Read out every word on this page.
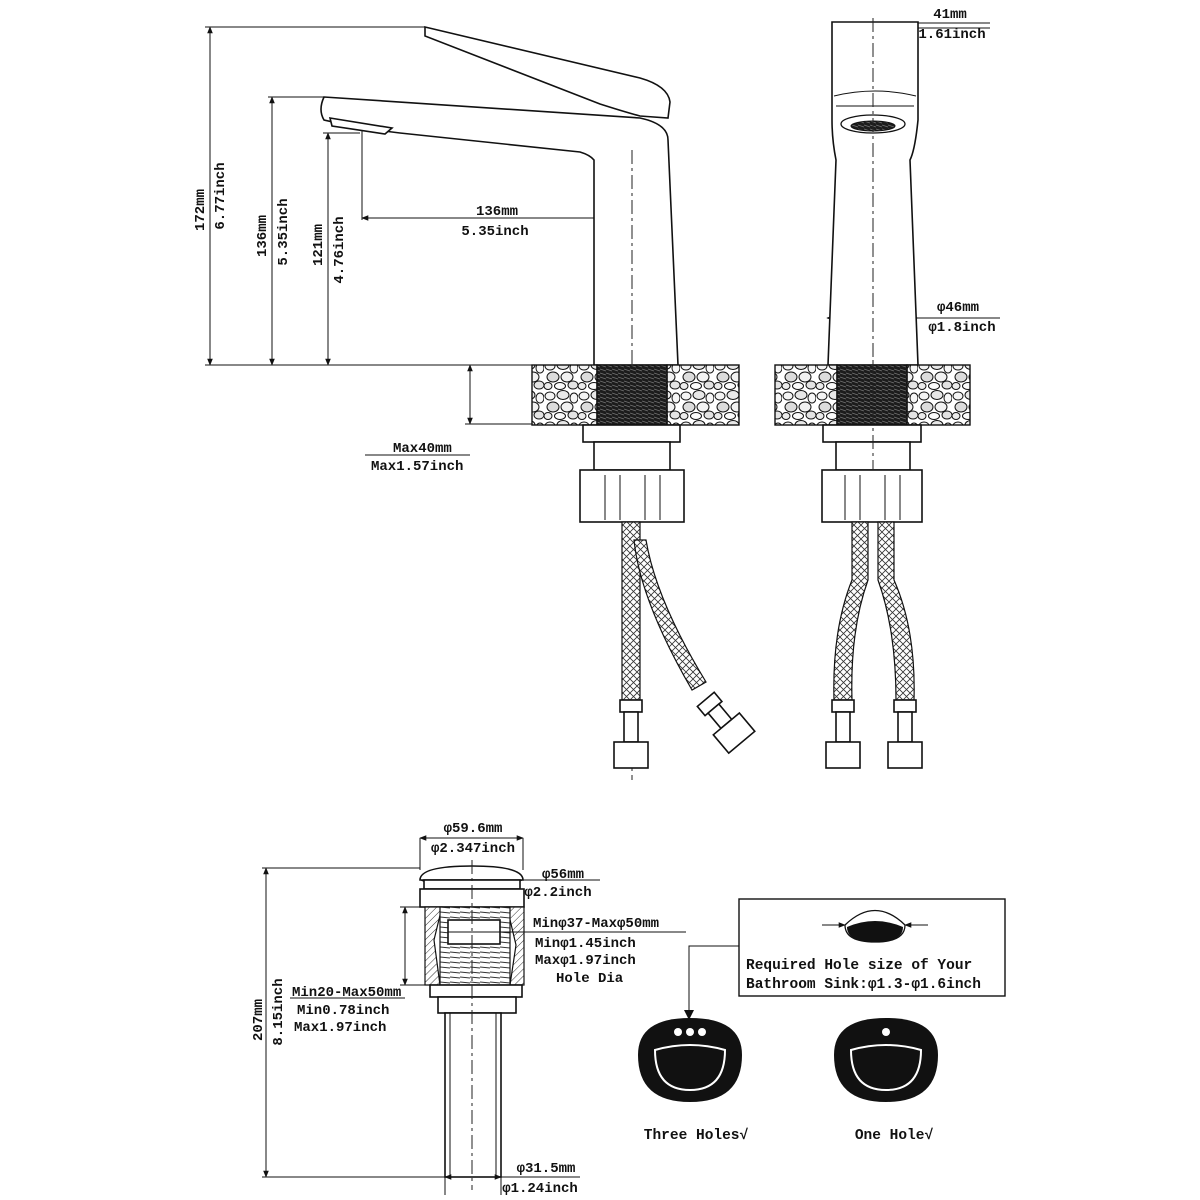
172mm 6.77inch
136mm 5.35inch 121mm 4.76inch
136mm
5.35inch
Max40mm
Max1.57inch
41mm
1.61inch
φ46mm
φ1.8inch
φ59.6mm
φ2.347inch
φ56mm
φ2.2inch
Minφ37-Maxφ50mm
Minφ1.45inch
Maxφ1.97inch
Hole Dia
Min20-Max50mm
Min0.78inch
Max1.97inch
207mm 8.15inch
φ31.5mm
φ1.24inch
Required Hole size of Your
Bathroom Sink:φ1.3-φ1.6inch
Three Holes√	One Hole√
